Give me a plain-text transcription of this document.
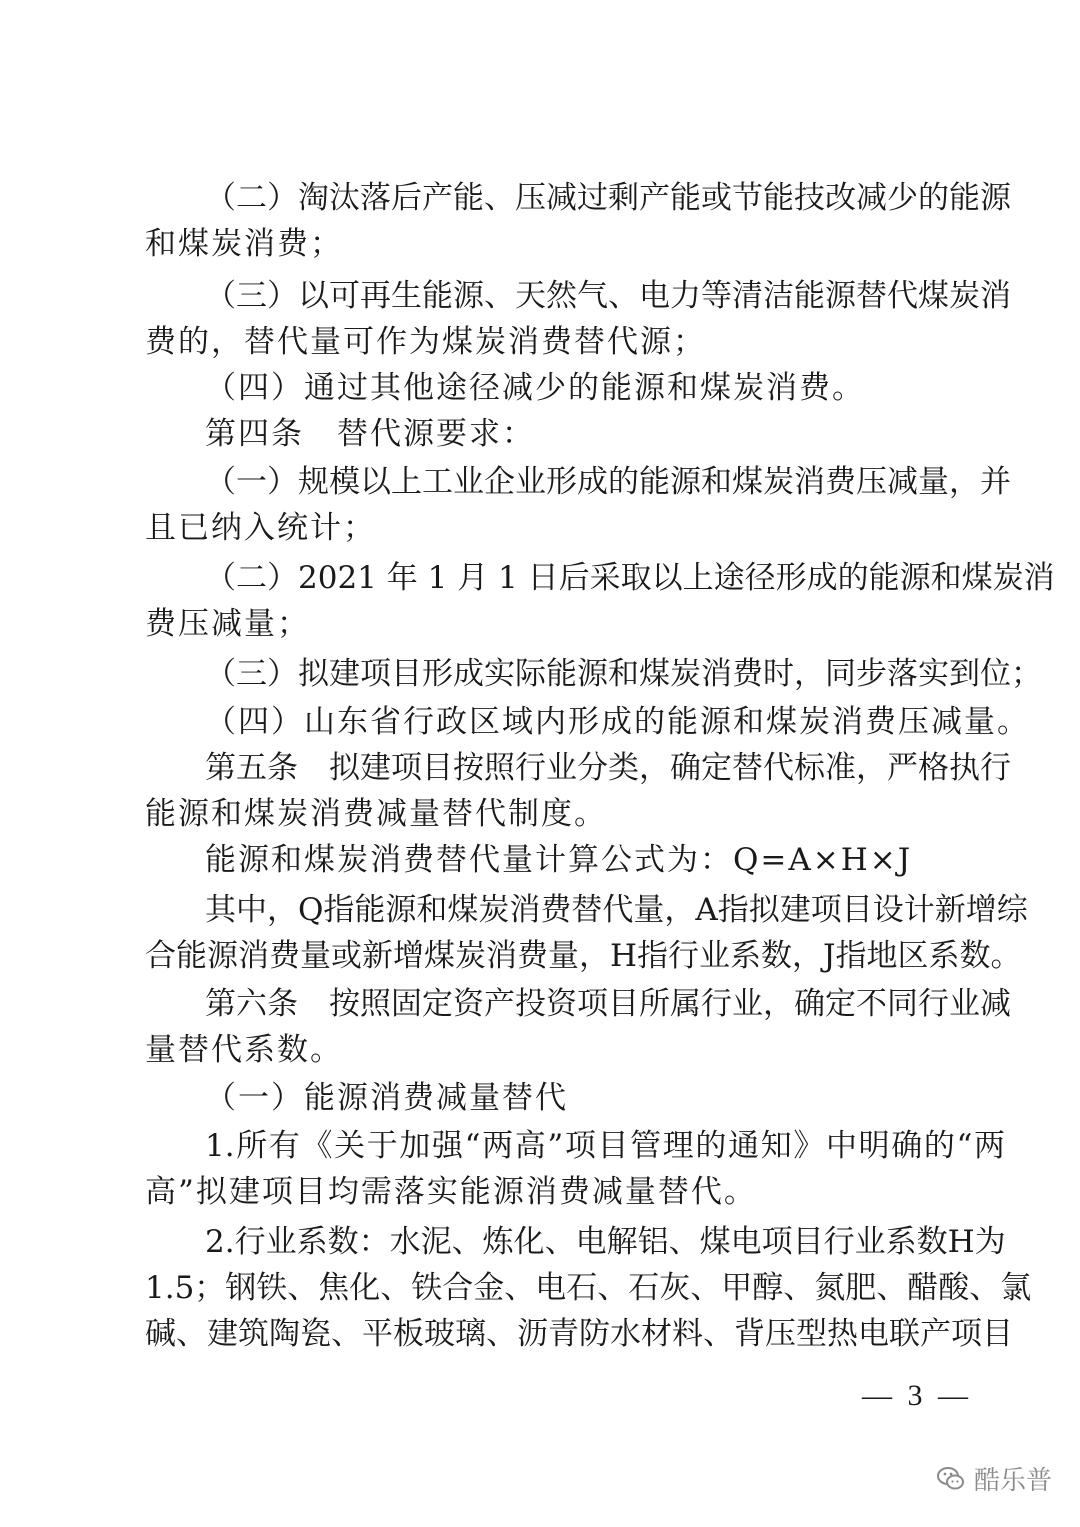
（二）淘汰落后产能、压减过剩产能或节能技改减少的能源
和煤炭消费；
（三）以可再生能源、天然气、电力等清洁能源替代煤炭消
费的，替代量可作为煤炭消费替代源；
（四）通过其他途径减少的能源和煤炭消费。
第四条　替代源要求：
（一）规模以上工业企业形成的能源和煤炭消费压减量，并
且已纳入统计；
（二）2021 年 1 月 1 日后采取以上途径形成的能源和煤炭消
费压减量；
（三）拟建项目形成实际能源和煤炭消费时，同步落实到位；
（四）山东省行政区域内形成的能源和煤炭消费压减量。
第五条　拟建项目按照行业分类，确定替代标准，严格执行
能源和煤炭消费减量替代制度。
能源和煤炭消费替代量计算公式为：Q=A×H×J
其中，Q指能源和煤炭消费替代量，A指拟建项目设计新增综
合能源消费量或新增煤炭消费量，H指行业系数，J指地区系数。
第六条　按照固定资产投资项目所属行业，确定不同行业减
量替代系数。
（一）能源消费减量替代
1.所有《关于加强“两高”项目管理的通知》中明确的“两
高”拟建项目均需落实能源消费减量替代。
2.行业系数：水泥、炼化、电解铝、煤电项目行业系数H为
1.5；钢铁、焦化、铁合金、电石、石灰、甲醇、氮肥、醋酸、氯
碱、建筑陶瓷、平板玻璃、沥青防水材料、背压型热电联产项目
— 3 —
酷乐普
